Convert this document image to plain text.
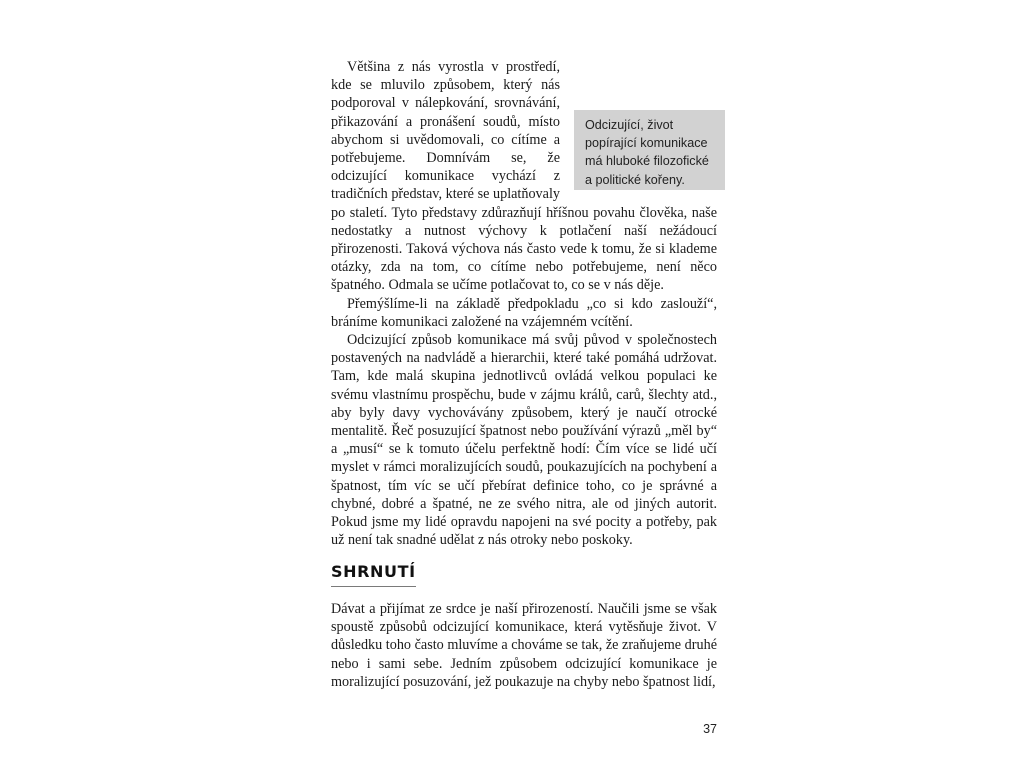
Odcizující, život popírající komunikace má hluboké filozofické a politické kořeny.

Většina z nás vyrostla v prostředí, kde se mluvilo způsobem, který nás podporoval v nálepkování, srovnávání, přikazování a pronášení soudů, místo abychom si uvědomovali, co cítíme a potřebujeme. Domnívám se, že odcizující komunikace vychází z tradičních představ, které se uplatňovaly po staletí. Tyto představy zdůrazňují hříšnou povahu člověka, naše nedostatky a nutnost výchovy k potlačení naší nežádoucí přirozenosti. Taková výchova nás často vede k tomu, že si klademe otázky, zda na tom, co cítíme nebo potřebujeme, není něco špatného. Odmala se učíme potlačovat to, co se v nás děje.

Přemýšlíme-li na základě předpokladu „co si kdo zaslouží“, bráníme komunikaci založené na vzájemném vcítění.

Odcizující způsob komunikace má svůj původ v společnostech postavených na nadvládě a hierarchii, které také pomáhá udržovat. Tam, kde malá skupina jednotlivců ovládá velkou populaci ke svému vlastnímu prospěchu, bude v zájmu králů, carů, šlechty atd., aby byly davy vychovávány způsobem, který je naučí otrocké mentalitě. Řeč posuzující špatnost nebo používání výrazů „měl by“ a „musí“ se k tomuto účelu perfektně hodí: Čím více se lidé učí myslet v rámci moralizujících soudů, poukazujících na pochybení a špatnost, tím víc se učí přebírat definice toho, co je správné a chybné, dobré a špatné, ne ze svého nitra, ale od jiných autorit. Pokud jsme my lidé opravdu napojeni na své pocity a potřeby, pak už není tak snadné udělat z nás otroky nebo poskoky.

SHRNUTÍ

Dávat a přijímat ze srdce je naší přirozeností. Naučili jsme se však spoustě způsobů odcizující komunikace, která vytěsňuje život. V důsledku toho často mluvíme a chováme se tak, že zraňujeme druhé nebo i sami sebe. Jedním způsobem odcizující komunikace je moralizující posuzování, jež poukazuje na chyby nebo špatnost lidí,

37
